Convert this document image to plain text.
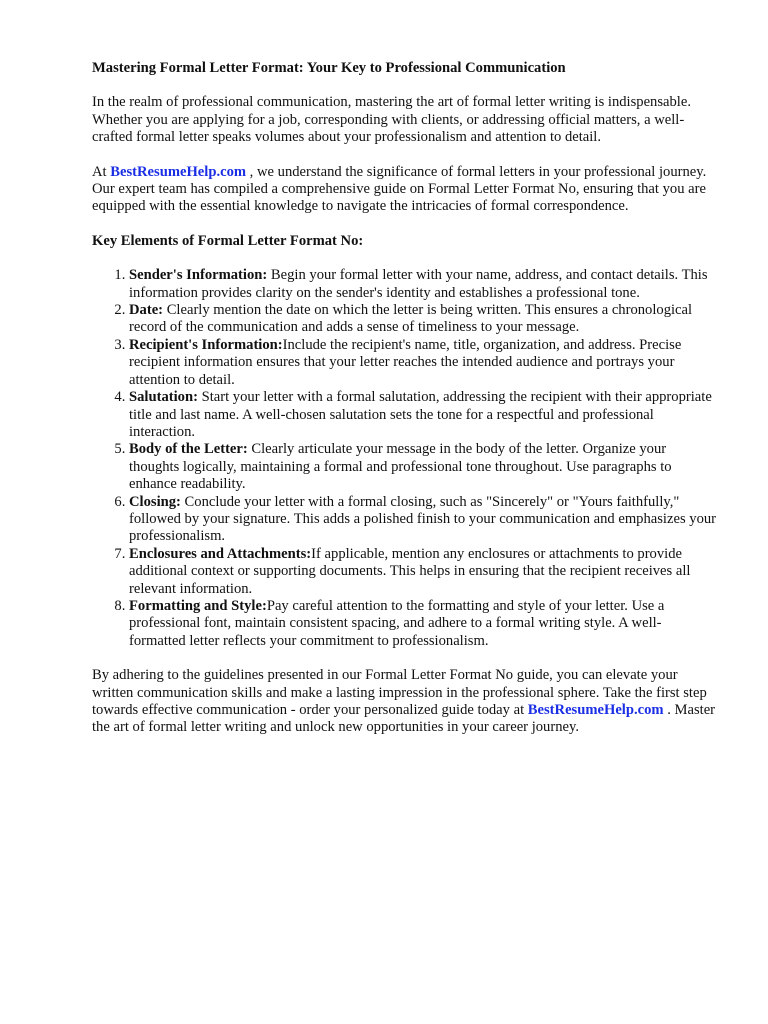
Mastering Formal Letter Format: Your Key to Professional Communication

In the realm of professional communication, mastering the art of formal letter writing is indispensable. Whether you are applying for a job, corresponding with clients, or addressing official matters, a well-crafted formal letter speaks volumes about your professionalism and attention to detail.

At BestResumeHelp.com , we understand the significance of formal letters in your professional journey. Our expert team has compiled a comprehensive guide on Formal Letter Format No, ensuring that you are equipped with the essential knowledge to navigate the intricacies of formal correspondence.

Key Elements of Formal Letter Format No:
1. Sender's Information: Begin your formal letter with your name, address, and contact details. This information provides clarity on the sender's identity and establishes a professional tone.
2. Date: Clearly mention the date on which the letter is being written. This ensures a chronological record of the communication and adds a sense of timeliness to your message.
3. Recipient's Information:Include the recipient's name, title, organization, and address. Precise recipient information ensures that your letter reaches the intended audience and portrays your attention to detail.
4. Salutation: Start your letter with a formal salutation, addressing the recipient with their appropriate title and last name. A well-chosen salutation sets the tone for a respectful and professional interaction.
5. Body of the Letter: Clearly articulate your message in the body of the letter. Organize your thoughts logically, maintaining a formal and professional tone throughout. Use paragraphs to enhance readability.
6. Closing: Conclude your letter with a formal closing, such as "Sincerely" or "Yours faithfully," followed by your signature. This adds a polished finish to your communication and emphasizes your professionalism.
7. Enclosures and Attachments:If applicable, mention any enclosures or attachments to provide additional context or supporting documents. This helps in ensuring that the recipient receives all relevant information.
8. Formatting and Style:Pay careful attention to the formatting and style of your letter. Use a professional font, maintain consistent spacing, and adhere to a formal writing style. A well-formatted letter reflects your commitment to professionalism.

By adhering to the guidelines presented in our Formal Letter Format No guide, you can elevate your written communication skills and make a lasting impression in the professional sphere. Take the first step towards effective communication - order your personalized guide today at BestResumeHelp.com . Master the art of formal letter writing and unlock new opportunities in your career journey.
